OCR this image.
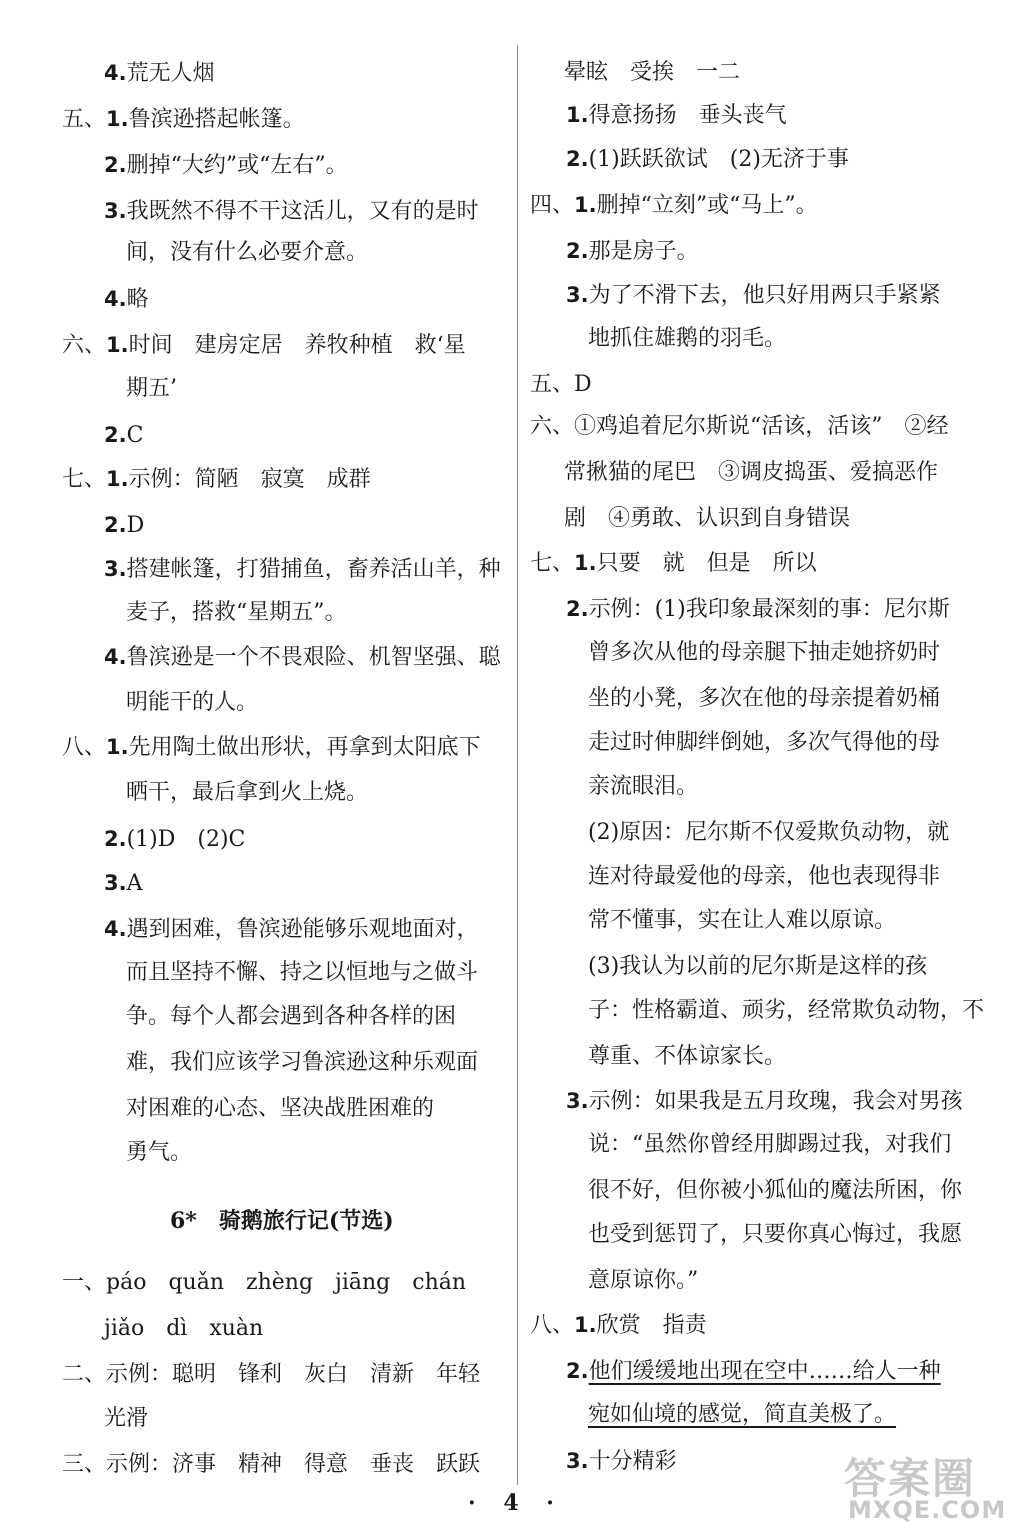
4.荒无人烟
五、1.鲁滨逊搭起帐篷。
2.删掉“大约”或“左右”。
3.我既然不得不干这活儿，又有的是时
间，没有什么必要介意。
4.略
六、1.时间　建房定居　养牧种植　救‘星
期五’
2.C
七、1.示例：简陋　寂寞　成群
2.D
3.搭建帐篷，打猎捕鱼，畜养活山羊，种
麦子，搭救“星期五”。
4.鲁滨逊是一个不畏艰险、机智坚强、聪
明能干的人。
八、1.先用陶土做出形状，再拿到太阳底下
晒干，最后拿到火上烧。
2.(1)D　(2)C
3.A
4.遇到困难，鲁滨逊能够乐观地面对，
而且坚持不懈、持之以恒地与之做斗
争。每个人都会遇到各种各样的困
难，我们应该学习鲁滨逊这种乐观面
对困难的心态、坚决战胜困难的
勇气。
6*　骑鹅旅行记(节选)
一、páo　quǎn　zhèng　jiāng　chán
jiǎo　dì　xuàn
二、示例：聪明　锋利　灰白　清新　年轻
光滑
三、示例：济事　精神　得意　垂丧　跃跃
晕眩　受挨　一二
1.得意扬扬　垂头丧气
2.(1)跃跃欲试　(2)无济于事
四、1.删掉“立刻”或“马上”。
2.那是房子。
3.为了不滑下去，他只好用两只手紧紧
地抓住雄鹅的羽毛。
五、D
六、①鸡追着尼尔斯说“活该，活该”　②经
常揪猫的尾巴　③调皮捣蛋、爱搞恶作
剧　④勇敢、认识到自身错误
七、1.只要　就　但是　所以
2.示例：(1)我印象最深刻的事：尼尔斯
曾多次从他的母亲腿下抽走她挤奶时
坐的小凳，多次在他的母亲提着奶桶
走过时伸脚绊倒她，多次气得他的母
亲流眼泪。
(2)原因：尼尔斯不仅爱欺负动物，就
连对待最爱他的母亲，他也表现得非
常不懂事，实在让人难以原谅。
(3)我认为以前的尼尔斯是这样的孩
子：性格霸道、顽劣，经常欺负动物，不
尊重、不体谅家长。
3.示例：如果我是五月玫瑰，我会对男孩
说：“虽然你曾经用脚踢过我，对我们
很不好，但你被小狐仙的魔法所困，你
也受到惩罚了，只要你真心悔过，我愿
意原谅你。”
八、1.欣赏　指责
2.他们缓缓地出现在空中……给人一种
宛如仙境的感觉，简直美极了。
3.十分精彩
· 4 ·	答案圈
MXQE.COM
